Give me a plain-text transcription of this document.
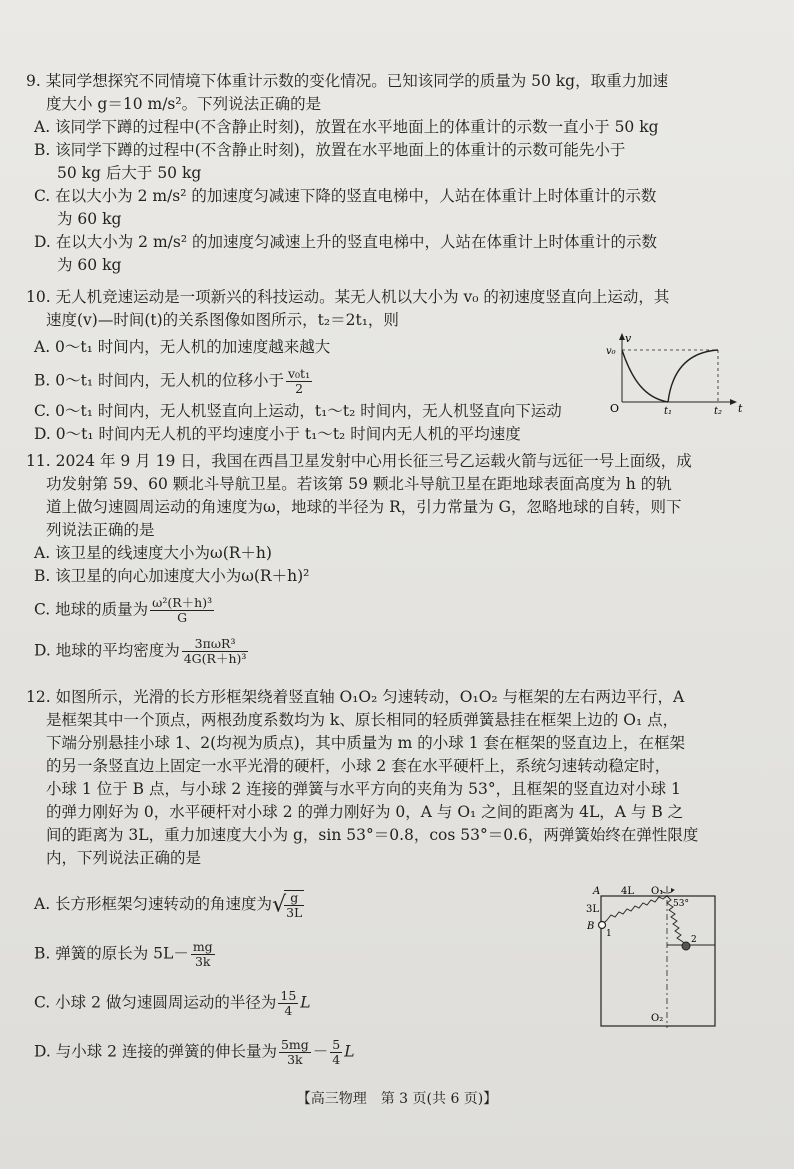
9. 某同学想探究不同情境下体重计示数的变化情况。已知该同学的质量为 50 kg，取重力加速
度大小 g＝10 m/s²。下列说法正确的是
A. 该同学下蹲的过程中(不含静止时刻)，放置在水平地面上的体重计的示数一直小于 50 kg
B. 该同学下蹲的过程中(不含静止时刻)，放置在水平地面上的体重计的示数可能先小于
50 kg 后大于 50 kg
C. 在以大小为 2 m/s² 的加速度匀减速下降的竖直电梯中，人站在体重计上时体重计的示数
为 60 kg
D. 在以大小为 2 m/s² 的加速度匀减速上升的竖直电梯中，人站在体重计上时体重计的示数
为 60 kg
10. 无人机竞速运动是一项新兴的科技运动。某无人机以大小为 v₀ 的初速度竖直向上运动，其
速度(v)—时间(t)的关系图像如图所示，t₂＝2t₁，则
A. 0～t₁ 时间内，无人机的加速度越来越大
B. 0～t₁ 时间内，无人机的位移小于 $\frac{\text{v₀t₁}}{2}$
C. 0～t₁ 时间内，无人机竖直向上运动，t₁～t₂ 时间内，无人机竖直向下运动
D. 0～t₁ 时间内无人机的平均速度小于 t₁～t₂ 时间内无人机的平均速度
v
t
O
v₀
t₁	t₂
11. 2024 年 9 月 19 日，我国在西昌卫星发射中心用长征三号乙运载火箭与远征一号上面级，成
功发射第 59、60 颗北斗导航卫星。若该第 59 颗北斗导航卫星在距地球表面高度为 h 的轨
道上做匀速圆周运动的角速度为ω，地球的半径为 R，引力常量为 G，忽略地球的自转，则下
列说法正确的是
A. 该卫星的线速度大小为ω(R＋h)
B. 该卫星的向心加速度大小为ω(R＋h)²
C. 地球的质量为 $\frac{\text{ω²(R＋h)³}}{G}$
D. 地球的平均密度为 $\frac{\text{3πωR³}}{\text{4G(R＋h)³}}$
12. 如图所示，光滑的长方形框架绕着竖直轴 O₁O₂ 匀速转动，O₁O₂ 与框架的左右两边平行，A
是框架其中一个顶点，两根劲度系数均为 k、原长相同的轻质弹簧悬挂在框架上边的 O₁ 点，
下端分别悬挂小球 1、2(均视为质点)，其中质量为 m 的小球 1 套在框架的竖直边上，在框架
的另一条竖直边上固定一水平光滑的硬杆，小球 2 套在水平硬杆上，系统匀速转动稳定时，
小球 1 位于 B 点，与小球 2 连接的弹簧与水平方向的夹角为 53°，且框架的竖直边对小球 1
的弹力刚好为 0，水平硬杆对小球 2 的弹力刚好为 0，A 与 O₁ 之间的距离为 4L，A 与 B 之
间的距离为 3L，重力加速度大小为 g，sin 53°＝0.8，cos 53°＝0.6，两弹簧始终在弹性限度
内，下列说法正确的是
A. 长方形框架匀速转动的角速度为√
$\frac{g}{3L}$
B. 弹簧的原长为 $5L- \frac{mg}{3k}$
C. 小球 2 做匀速圆周运动的半径为 $\frac{15}{4}$ L
D. 与小球 2 连接的弹簧的伸长量为 $\frac{5mg}{3k} - \frac{5}{4}$ L
A 4L O₁
53°
3L
B
1
2
O₂
【高三物理　第 3 页(共 6 页)】
